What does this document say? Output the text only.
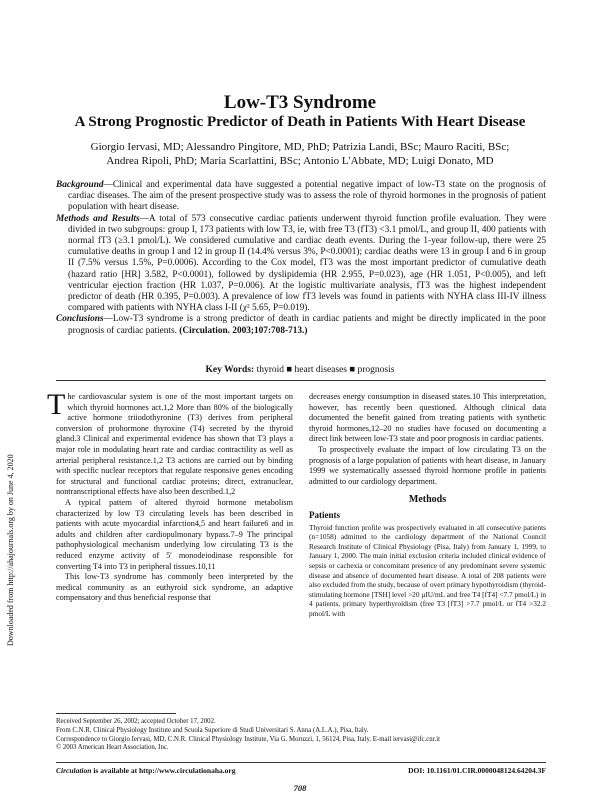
Low-T3 Syndrome
A Strong Prognostic Predictor of Death in Patients With Heart Disease
Giorgio Iervasi, MD; Alessandro Pingitore, MD, PhD; Patrizia Landi, BSc; Mauro Raciti, BSc;
Andrea Ripoli, PhD; Maria Scarlattini, BSc; Antonio L'Abbate, MD; Luigi Donato, MD

Background—Clinical and experimental data have suggested a potential negative impact of low-T3 state on the prognosis of cardiac diseases. The aim of the present prospective study was to assess the role of thyroid hormones in the prognosis of patient population with heart disease.

Methods and Results—A total of 573 consecutive cardiac patients underwent thyroid function profile evaluation. They were divided in two subgroups: group I, 173 patients with low T3, ie, with free T3 (fT3) <3.1 pmol/L, and group II, 400 patients with normal fT3 (≥3.1 pmol/L). We considered cumulative and cardiac death events. During the 1-year follow-up, there were 25 cumulative deaths in group I and 12 in group II (14.4% versus 3%, P<0.0001); cardiac deaths were 13 in group I and 6 in group II (7.5% versus 1.5%, P=0.0006). According to the Cox model, fT3 was the most important predictor of cumulative death (hazard ratio [HR] 3.582, P<0.0001), followed by dyslipidemia (HR 2.955, P=0.023), age (HR 1.051, P<0.005), and left ventricular ejection fraction (HR 1.037, P=0.006). At the logistic multivariate analysis, fT3 was the highest independent predictor of death (HR 0.395, P=0.003). A prevalence of low fT3 levels was found in patients with NYHA class III-IV illness compared with patients with NYHA class I-II (χ² 5.65, P=0.019).

Conclusions—Low-T3 syndrome is a strong predictor of death in cardiac patients and might be directly implicated in the poor prognosis of cardiac patients. (Circulation. 2003;107:708-713.)

Key Words: thyroid ■ heart diseases ■ prognosis
Downloaded from http://ahajournals.org by on June 4, 2020

The cardiovascular system is one of the most important targets on which thyroid hormones act.1,2 More than 80% of the biologically active hormone triiodothyronine (T3) derives from peripheral conversion of prohormone thyroxine (T4) secreted by the thyroid gland.3 Clinical and experimental evidence has shown that T3 plays a major role in modulating heart rate and cardiac contractility as well as arterial peripheral resistance.1,2 T3 actions are carried out by binding with specific nuclear receptors that regulate responsive genes encoding for structural and functional cardiac proteins; direct, extranuclear, nontranscriptional effects have also been described.1,2

A typical pattern of altered thyroid hormone metabolism characterized by low T3 circulating levels has been described in patients with acute myocardial infarction4,5 and heart failure6 and in adults and children after cardiopulmonary bypass.7–9 The principal pathophysiological mechanism underlying low circulating T3 is the reduced enzyme activity of 5′ monodeiodinase responsible for converting T4 into T3 in peripheral tissues.10,11

This low-T3 syndrome has commonly been interpreted by the medical community as an euthyroid sick syndrome, an adaptive compensatory and thus beneficial response that

decreases energy consumption in diseased states.10 This interpretation, however, has recently been questioned. Although clinical data documented the benefit gained from treating patients with synthetic thyroid hormones,12–20 no studies have focused on documenting a direct link between low-T3 state and poor prognosis in cardiac patients.

To prospectively evaluate the impact of low circulating T3 on the prognosis of a large population of patients with heart disease, in January 1999 we systematically assessed thyroid hormone profile in patients admitted to our cardiology department.

Methods
Patients

Thyroid function profile was prospectively evaluated in all consecutive patients (n=1058) admitted to the cardiology department of the National Council Research Institute of Clinical Physiology (Pisa, Italy) from January 1, 1999, to January 1, 2000. The main initial exclusion criteria included clinical evidence of sepsis or cachexia or concomitant presence of any predominant severe systemic disease and absence of documented heart disease. A total of 208 patients were also excluded from the study, because of overt primary hypothyroidism (thyroid-stimulating hormone [TSH] level >20 μIU/mL and free T4 [fT4] <7.7 pmol/L) in 4 patients, primary hyperthyroidism (free T3 [fT3] >7.7 pmol/L or fT4 >32.2 pmol/L with

Received September 26, 2002; accepted October 17, 2002.

From C.N.R. Clinical Physiology Institute and Scuola Superiore di Studi Universitari S. Anna (A.L.A.), Pisa, Italy.

Correspondence to Giorgio Iervasi, MD, C.N.R. Clinical Physiology Institute, Via G. Moruzzi, 1, 56124, Pisa, Italy. E-mail iervasi@ifc.cnr.it

© 2003 American Heart Association, Inc.

Circulation is available at http://www.circulationaha.org	DOI: 10.1161/01.CIR.0000048124.64204.3F
708
